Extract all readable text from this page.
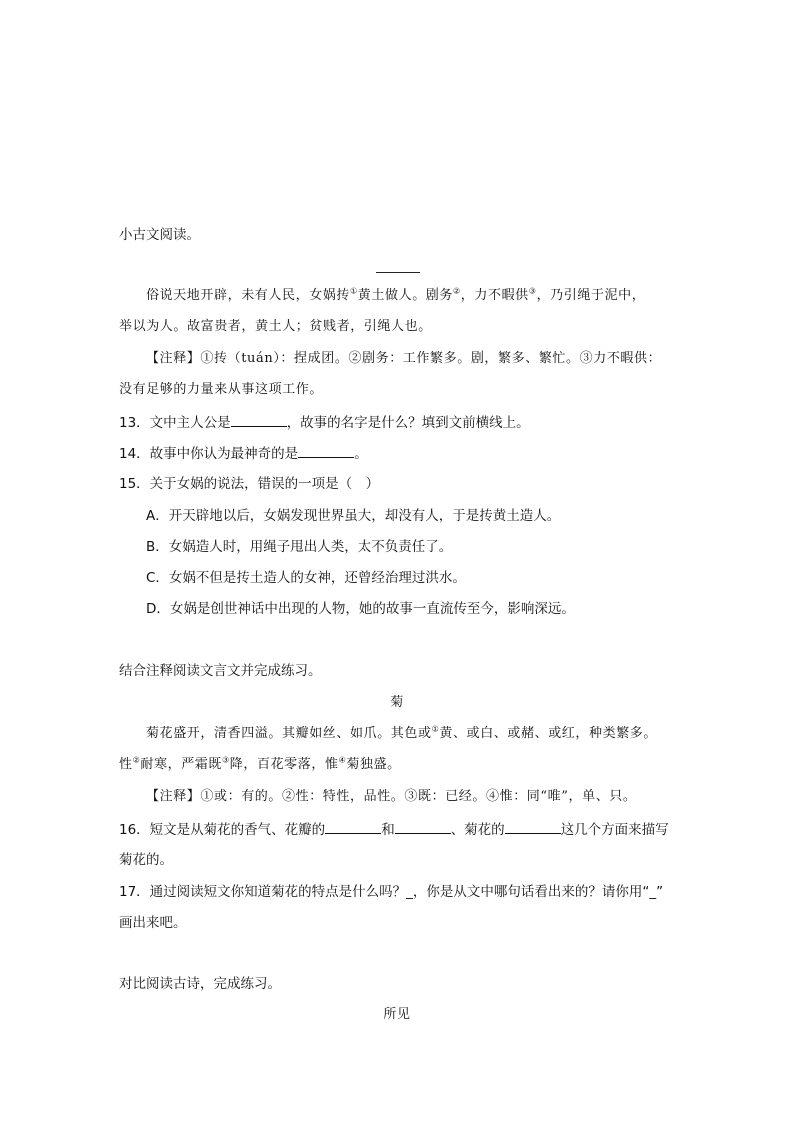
小古文阅读。
俗说天地开辟，未有人民，女娲抟①黄土做人。剧务②，力不暇供③，乃引绳于泥中，
举以为人。故富贵者，黄土人；贫贱者，引绳人也。
【注释】①抟（tuán）：捏成团。②剧务：工作繁多。剧，繁多、繁忙。③力不暇供：
没有足够的力量来从事这项工作。
13．文中主人公是	，故事的名字是什么？填到文前横线上。
14．故事中你认为最神奇的是	。
15．关于女娲的说法，错误的一项是（　）
A．开天辟地以后，女娲发现世界虽大，却没有人，于是抟黄土造人。
B．女娲造人时，用绳子甩出人类，太不负责任了。
C．女娲不但是抟土造人的女神，还曾经治理过洪水。
D．女娲是创世神话中出现的人物，她的故事一直流传至今，影响深远。
结合注释阅读文言文并完成练习。
菊
菊花盛开，清香四溢。其瓣如丝、如爪。其色或①黄、或白、或赭、或红，种类繁多。
性②耐寒，严霜既③降，百花零落，惟④菊独盛。
【注释】①或：有的。②性：特性，品性。③既：已经。④惟：同“唯”，单、只。
16．短文是从菊花的香气、花瓣的	和	、菊花的	这几个方面来描写
菊花的。
17．通过阅读短文你知道菊花的特点是什么吗？_，你是从文中哪句话看出来的？请你用“_”
画出来吧。
对比阅读古诗，完成练习。
所见
